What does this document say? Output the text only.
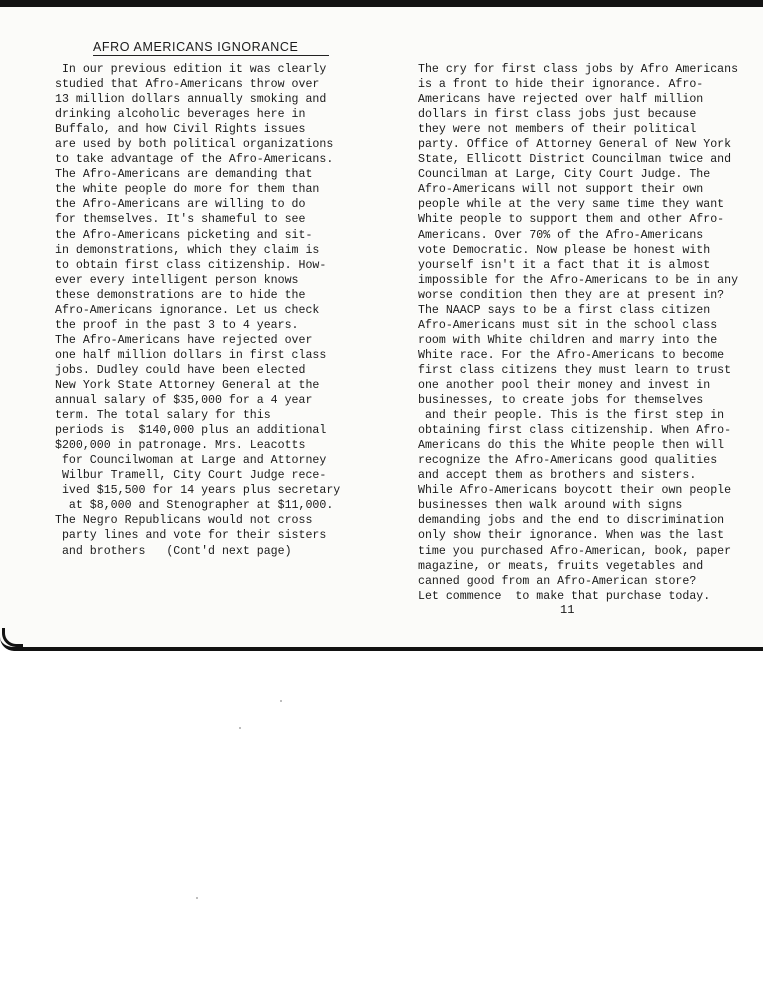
AFRO AMERICANS IGNORANCE
In our previous edition it was clearly
studied that Afro-Americans throw over
13 million dollars annually smoking and
drinking alcoholic beverages here in
Buffalo, and how Civil Rights issues
are used by both political organizations
to take advantage of the Afro-Americans.
The Afro-Americans are demanding that
the white people do more for them than
the Afro-Americans are willing to do
for themselves. It's shameful to see
the Afro-Americans picketing and sit-
in demonstrations, which they claim is
to obtain first class citizenship. How-
ever every intelligent person knows
these demonstrations are to hide the
Afro-Americans ignorance. Let us check
the proof in the past 3 to 4 years.
The Afro-Americans have rejected over
one half million dollars in first class
jobs. Dudley could have been elected
New York State Attorney General at the
annual salary of $35,000 for a 4 year
term. The total salary for this
periods is  $140,000 plus an additional
$200,000 in patronage. Mrs. Leacotts
for Councilwoman at Large and Attorney
Wilbur Tramell, City Court Judge rece-
ived $15,500 for 14 years plus secretary
at $8,000 and Stenographer at $11,000.
The Negro Republicans would not cross
party lines and vote for their sisters
and brothers   (Cont'd next page)
The cry for first class jobs by Afro Americans
is a front to hide their ignorance. Afro-
Americans have rejected over half million
dollars in first class jobs just because
they were not members of their political
party. Office of Attorney General of New York
State, Ellicott District Councilman twice and
Councilman at Large, City Court Judge. The
Afro-Americans will not support their own
people while at the very same time they want
White people to support them and other Afro-
Americans. Over 70% of the Afro-Americans
vote Democratic. Now please be honest with
yourself isn't it a fact that it is almost
impossible for the Afro-Americans to be in any
worse condition then they are at present in?
The NAACP says to be a first class citizen
Afro-Americans must sit in the school class
room with White children and marry into the
White race. For the Afro-Americans to become
first class citizens they must learn to trust
one another pool their money and invest in
businesses, to create jobs for themselves
and their people. This is the first step in
obtaining first class citizenship. When Afro-
Americans do this the White people then will
recognize the Afro-Americans good qualities
and accept them as brothers and sisters.
While Afro-Americans boycott their own people
businesses then walk around with signs
demanding jobs and the end to discrimination
only show their ignorance. When was the last
time you purchased Afro-American, book, paper
magazine, or meats, fruits vegetables and
canned good from an Afro-American store?
Let commence  to make that purchase today.
11
